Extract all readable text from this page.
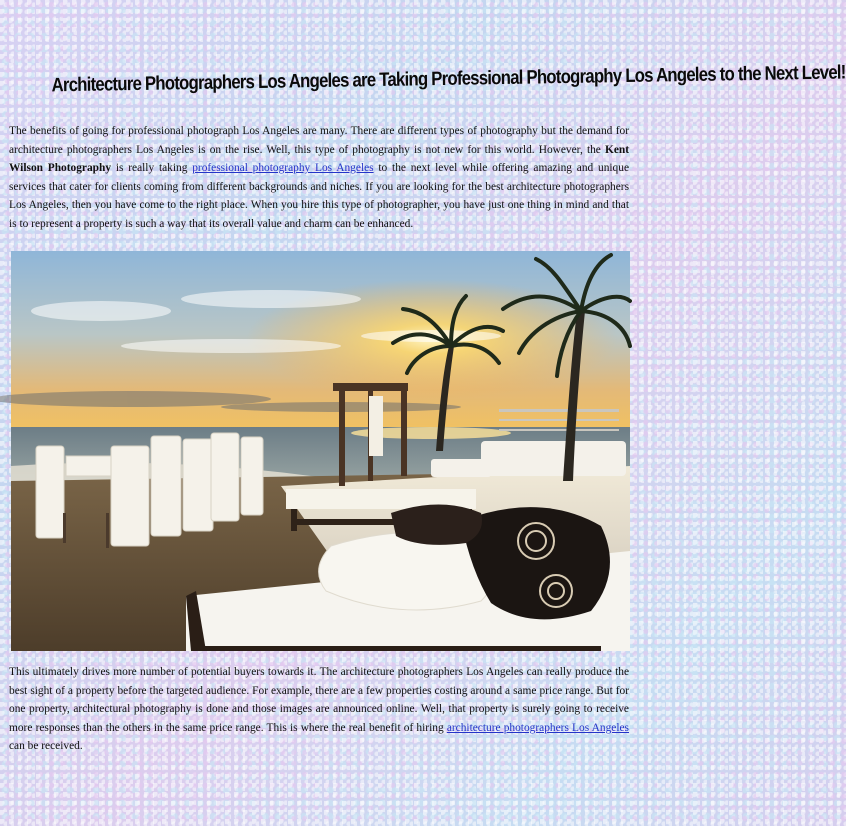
Architecture Photographers Los Angeles are Taking Professional Photography Los Angeles to the Next Level!

The benefits of going for professional photograph Los Angeles are many. There are different types of photography but the demand for architecture photographers Los Angeles is on the rise. Well, this type of photography is not new for this world. However, the Kent Wilson Photography is really taking professional photography Los Angeles to the next level while offering amazing and unique services that cater for clients coming from different backgrounds and niches. If you are looking for the best architecture photographers Los Angeles, then you have come to the right place. When you hire this type of photographer, you have just one thing in mind and that is to represent a property is such a way that its overall value and charm can be enhanced.

This ultimately drives more number of potential buyers towards it. The architecture photographers Los Angeles can really produce the best sight of a property before the targeted audience. For example, there are a few properties costing around a same price range. But for one property, architectural photography is done and those images are announced online. Well, that property is surely going to receive more responses than the others in the same price range. This is where the real benefit of hiring architecture photographers Los Angeles can be received.
